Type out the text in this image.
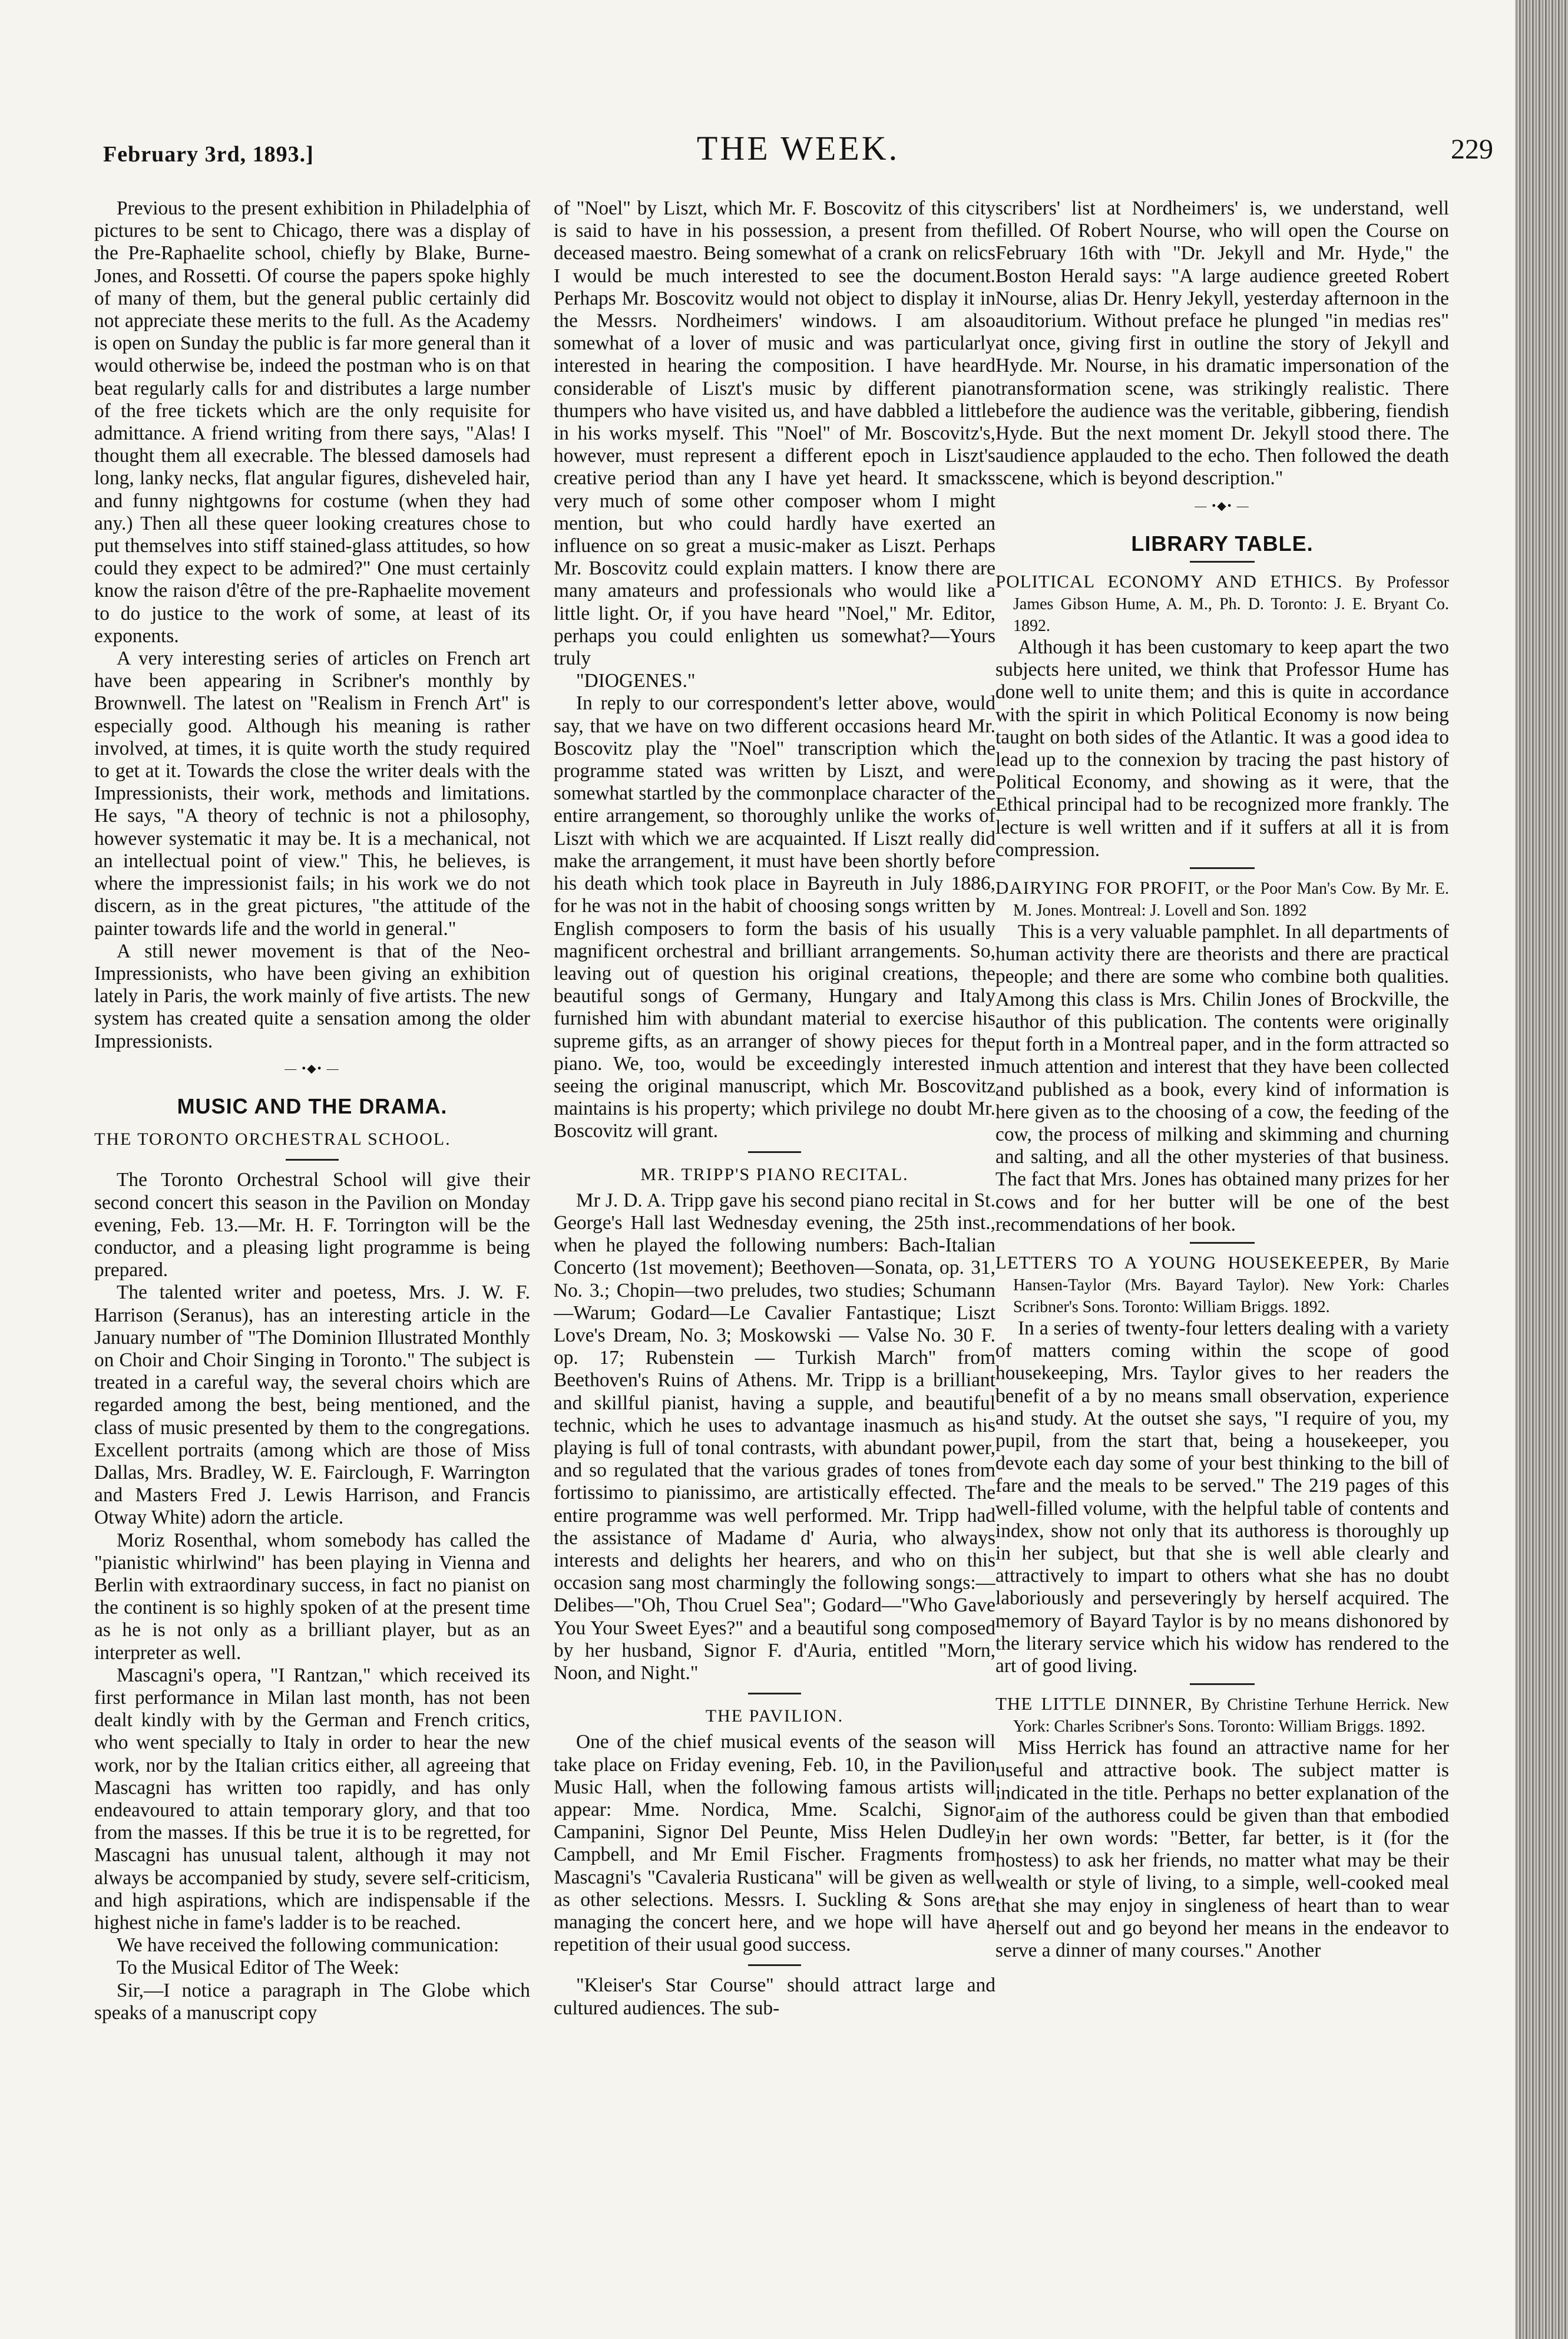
February 3rd, 1893.]	THE WEEK.	229

Previous to the present exhibition in Philadelphia of pictures to be sent to Chicago, there was a display of the Pre-Raphaelite school, chiefly by Blake, Burne-Jones, and Rossetti. Of course the papers spoke highly of many of them, but the general public certainly did not appreciate these merits to the full. As the Academy is open on Sunday the public is far more general than it would otherwise be, indeed the postman who is on that beat regularly calls for and distributes a large number of the free tickets which are the only requisite for admittance. A friend writing from there says, "Alas! I thought them all execrable. The blessed damosels had long, lanky necks, flat angular figures, disheveled hair, and funny nightgowns for costume (when they had any.) Then all these queer looking creatures chose to put themselves into stiff stained-glass attitudes, so how could they expect to be admired?" One must certainly know the raison d'être of the pre-Raphaelite movement to do justice to the work of some, at least of its exponents.

A very interesting series of articles on French art have been appearing in Scribner's monthly by Brownwell. The latest on "Realism in French Art" is especially good. Although his meaning is rather involved, at times, it is quite worth the study required to get at it. Towards the close the writer deals with the Impressionists, their work, methods and limitations. He says, "A theory of technic is not a philosophy, however systematic it may be. It is a mechanical, not an intellectual point of view." This, he believes, is where the impressionist fails; in his work we do not discern, as in the great pictures, "the attitude of the painter towards life and the world in general."

A still newer movement is that of the Neo-Impressionists, who have been giving an exhibition lately in Paris, the work mainly of five artists. The new system has created quite a sensation among the older Impressionists.

— •◆• —
MUSIC AND THE DRAMA.
THE TORONTO ORCHESTRAL SCHOOL.

The Toronto Orchestral School will give their second concert this season in the Pavilion on Monday evening, Feb. 13.—Mr. H. F. Torrington will be the conductor, and a pleasing light programme is being prepared.

The talented writer and poetess, Mrs. J. W. F. Harrison (Seranus), has an interesting article in the January number of "The Dominion Illustrated Monthly on Choir and Choir Singing in Toronto." The subject is treated in a careful way, the several choirs which are regarded among the best, being mentioned, and the class of music presented by them to the congregations. Excellent portraits (among which are those of Miss Dallas, Mrs. Bradley, W. E. Fairclough, F. Warrington and Masters Fred J. Lewis Harrison, and Francis Otway White) adorn the article.

Moriz Rosenthal, whom somebody has called the "pianistic whirlwind" has been playing in Vienna and Berlin with extraordinary success, in fact no pianist on the continent is so highly spoken of at the present time as he is not only as a brilliant player, but as an interpreter as well.

Mascagni's opera, "I Rantzan," which received its first performance in Milan last month, has not been dealt kindly with by the German and French critics, who went specially to Italy in order to hear the new work, nor by the Italian critics either, all agreeing that Mascagni has written too rapidly, and has only endeavoured to attain temporary glory, and that too from the masses. If this be true it is to be regretted, for Mascagni has unusual talent, although it may not always be accompanied by study, severe self-criticism, and high aspirations, which are indispensable if the highest niche in fame's ladder is to be reached.

We have received the following communication:

To the Musical Editor of The Week:

Sir,—I notice a paragraph in The Globe which speaks of a manuscript copy

of "Noel" by Liszt, which Mr. F. Boscovitz of this city is said to have in his possession, a present from the deceased maestro. Being somewhat of a crank on relics I would be much interested to see the document. Perhaps Mr. Boscovitz would not object to display it in the Messrs. Nordheimers' windows. I am also somewhat of a lover of music and was particularly interested in hearing the composition. I have heard considerable of Liszt's music by different piano thumpers who have visited us, and have dabbled a little in his works myself. This "Noel" of Mr. Boscovitz's, however, must represent a different epoch in Liszt's creative period than any I have yet heard. It smacks very much of some other composer whom I might mention, but who could hardly have exerted an influence on so great a music-maker as Liszt. Perhaps Mr. Boscovitz could explain matters. I know there are many amateurs and professionals who would like a little light. Or, if you have heard "Noel," Mr. Editor, perhaps you could enlighten us somewhat?—Yours truly

"DIOGENES."

In reply to our correspondent's letter above, would say, that we have on two different occasions heard Mr. Boscovitz play the "Noel" transcription which the programme stated was written by Liszt, and were somewhat startled by the commonplace character of the entire arrangement, so thoroughly unlike the works of Liszt with which we are acquainted. If Liszt really did make the arrangement, it must have been shortly before his death which took place in Bayreuth in July 1886, for he was not in the habit of choosing songs written by English composers to form the basis of his usually magnificent orchestral and brilliant arrangements. So, leaving out of question his original creations, the beautiful songs of Germany, Hungary and Italy furnished him with abundant material to exercise his supreme gifts, as an arranger of showy pieces for the piano. We, too, would be exceedingly interested in seeing the original manuscript, which Mr. Boscovitz maintains is his property; which privilege no doubt Mr. Boscovitz will grant.

MR. TRIPP'S PIANO RECITAL.

Mr J. D. A. Tripp gave his second piano recital in St. George's Hall last Wednesday evening, the 25th inst., when he played the following numbers: Bach-Italian Concerto (1st movement); Beethoven—Sonata, op. 31, No. 3.; Chopin—two preludes, two studies; Schumann—Warum; Godard—Le Cavalier Fantastique; Liszt Love's Dream, No. 3; Moskowski — Valse No. 30 F. op. 17; Rubenstein — Turkish March" from Beethoven's Ruins of Athens. Mr. Tripp is a brilliant and skillful pianist, having a supple, and beautiful technic, which he uses to advantage inasmuch as his playing is full of tonal contrasts, with abundant power, and so regulated that the various grades of tones from fortissimo to pianissimo, are artistically effected. The entire programme was well performed. Mr. Tripp had the assistance of Madame d' Auria, who always interests and delights her hearers, and who on this occasion sang most charmingly the following songs:—Delibes—"Oh, Thou Cruel Sea"; Godard—"Who Gave You Your Sweet Eyes?" and a beautiful song composed by her husband, Signor F. d'Auria, entitled "Morn, Noon, and Night."

THE PAVILION.

One of the chief musical events of the season will take place on Friday evening, Feb. 10, in the Pavilion Music Hall, when the following famous artists will appear: Mme. Nordica, Mme. Scalchi, Signor Campanini, Signor Del Peunte, Miss Helen Dudley Campbell, and Mr Emil Fischer. Fragments from Mascagni's "Cavaleria Rusticana" will be given as well as other selections. Messrs. I. Suckling & Sons are managing the concert here, and we hope will have a repetition of their usual good success.

"Kleiser's Star Course" should attract large and cultured audiences. The sub-

scribers' list at Nordheimers' is, we understand, well filled. Of Robert Nourse, who will open the Course on February 16th with "Dr. Jekyll and Mr. Hyde," the Boston Herald says: "A large audience greeted Robert Nourse, alias Dr. Henry Jekyll, yesterday afternoon in the auditorium. Without preface he plunged "in medias res" at once, giving first in outline the story of Jekyll and Hyde. Mr. Nourse, in his dramatic impersonation of the transformation scene, was strikingly realistic. There before the audience was the veritable, gibbering, fiendish Hyde. But the next moment Dr. Jekyll stood there. The audience applauded to the echo. Then followed the death scene, which is beyond description."

— •◆• —
LIBRARY TABLE.

POLITICAL ECONOMY AND ETHICS. By Professor James Gibson Hume, A. M., Ph. D. Toronto: J. E. Bryant Co. 1892.

Although it has been customary to keep apart the two subjects here united, we think that Professor Hume has done well to unite them; and this is quite in accordance with the spirit in which Political Economy is now being taught on both sides of the Atlantic. It was a good idea to lead up to the connexion by tracing the past history of Political Economy, and showing as it were, that the Ethical principal had to be recognized more frankly. The lecture is well written and if it suffers at all it is from compression.

DAIRYING FOR PROFIT, or the Poor Man's Cow. By Mr. E. M. Jones. Montreal: J. Lovell and Son. 1892

This is a very valuable pamphlet. In all departments of human activity there are theorists and there are practical people; and there are some who combine both qualities. Among this class is Mrs. Chilin Jones of Brockville, the author of this publication. The contents were originally put forth in a Montreal paper, and in the form attracted so much attention and interest that they have been collected and published as a book, every kind of information is here given as to the choosing of a cow, the feeding of the cow, the process of milking and skimming and churning and salting, and all the other mysteries of that business. The fact that Mrs. Jones has obtained many prizes for her cows and for her butter will be one of the best recommendations of her book.

LETTERS TO A YOUNG HOUSEKEEPER, By Marie Hansen-Taylor (Mrs. Bayard Taylor). New York: Charles Scribner's Sons. Toronto: William Briggs. 1892.

In a series of twenty-four letters dealing with a variety of matters coming within the scope of good housekeeping, Mrs. Taylor gives to her readers the benefit of a by no means small observation, experience and study. At the outset she says, "I require of you, my pupil, from the start that, being a housekeeper, you devote each day some of your best thinking to the bill of fare and the meals to be served." The 219 pages of this well-filled volume, with the helpful table of contents and index, show not only that its authoress is thoroughly up in her subject, but that she is well able clearly and attractively to impart to others what she has no doubt laboriously and perseveringly by herself acquired. The memory of Bayard Taylor is by no means dishonored by the literary service which his widow has rendered to the art of good living.

THE LITTLE DINNER, By Christine Terhune Herrick. New York: Charles Scribner's Sons. Toronto: William Briggs. 1892.

Miss Herrick has found an attractive name for her useful and attractive book. The subject matter is indicated in the title. Perhaps no better explanation of the aim of the authoress could be given than that embodied in her own words: "Better, far better, is it (for the hostess) to ask her friends, no matter what may be their wealth or style of living, to a simple, well-cooked meal that she may enjoy in singleness of heart than to wear herself out and go beyond her means in the endeavor to serve a dinner of many courses." Another
